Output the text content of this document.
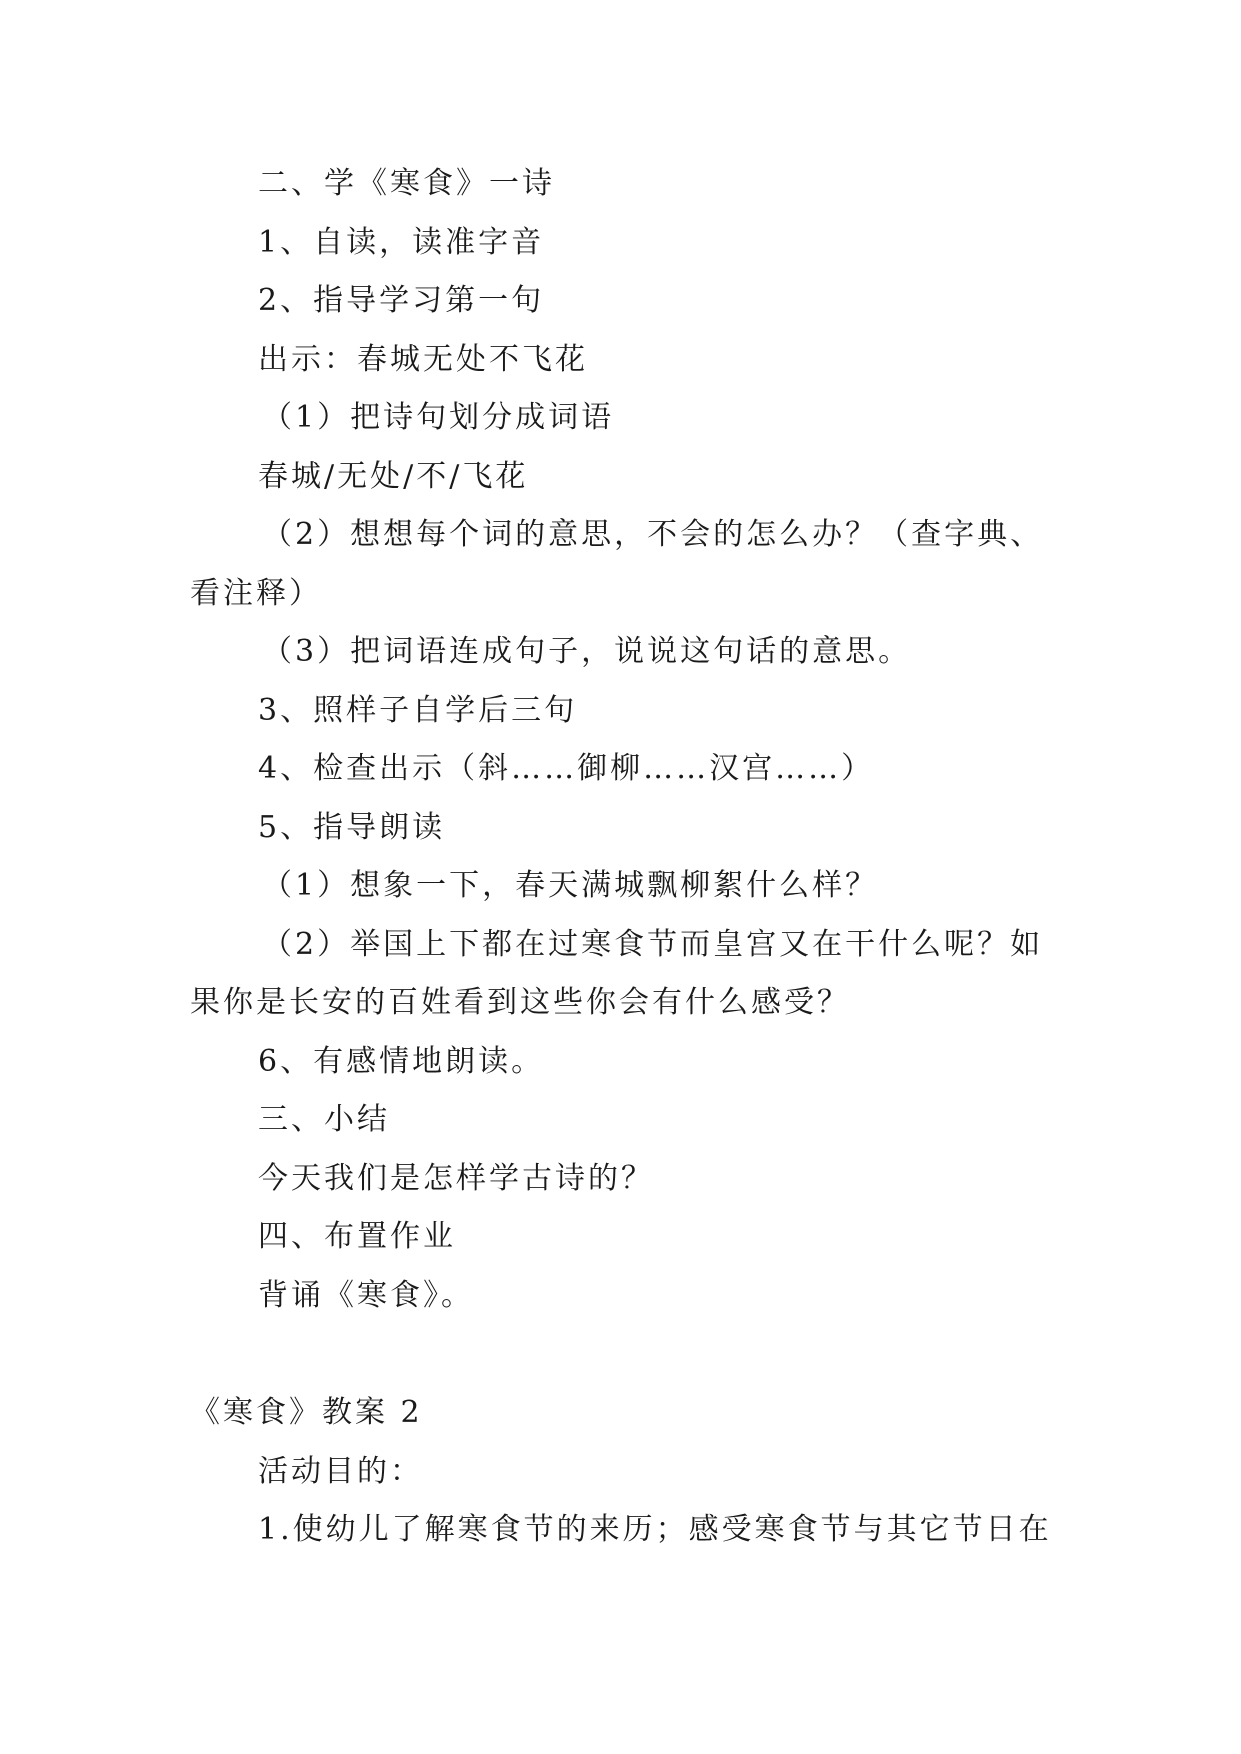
二、学《寒食》一诗
1、自读，读准字音
2、指导学习第一句
出示：春城无处不飞花
（1）把诗句划分成词语
春城/无处/不/飞花
（2）想想每个词的意思，不会的怎么办？（查字典、
看注释）
（3）把词语连成句子，说说这句话的意思。
3、照样子自学后三句
4、检查出示（斜……御柳……汉宫……）
5、指导朗读
（1）想象一下，春天满城飘柳絮什么样？
（2）举国上下都在过寒食节而皇宫又在干什么呢？如
果你是长安的百姓看到这些你会有什么感受？
6、有感情地朗读。
三、小结
今天我们是怎样学古诗的？
四、布置作业
背诵《寒食》。
《寒食》教案 2
活动目的：
1.使幼儿了解寒食节的来历；感受寒食节与其它节日在
